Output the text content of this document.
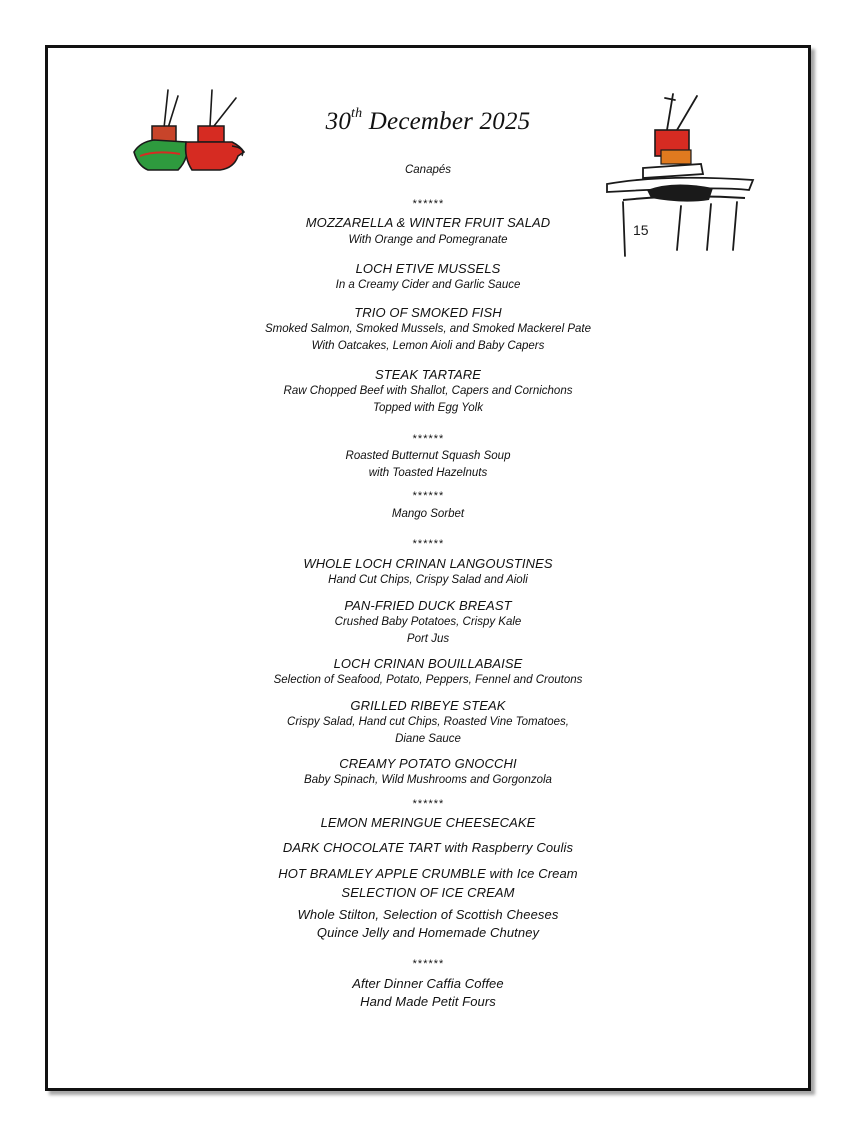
15
30th December 2025
Canapés
******
MOZZARELLA & WINTER FRUIT SALAD
With Orange and Pomegranate
LOCH ETIVE MUSSELS
In a Creamy Cider and Garlic Sauce
TRIO OF SMOKED FISH
Smoked Salmon, Smoked Mussels, and Smoked Mackerel Pate
With Oatcakes, Lemon Aioli and Baby Capers
STEAK TARTARE
Raw Chopped Beef with Shallot, Capers and Cornichons
Topped with Egg Yolk
******
Roasted Butternut Squash Soup
with Toasted Hazelnuts
******
Mango Sorbet
******
WHOLE LOCH CRINAN LANGOUSTINES
Hand Cut Chips, Crispy Salad and Aioli
PAN-FRIED DUCK BREAST
Crushed Baby Potatoes, Crispy Kale
Port Jus
LOCH CRINAN BOUILLABAISE
Selection of Seafood, Potato, Peppers, Fennel and Croutons
GRILLED RIBEYE STEAK
Crispy Salad, Hand cut Chips, Roasted Vine Tomatoes,
Diane Sauce
CREAMY POTATO GNOCCHI
Baby Spinach, Wild Mushrooms and Gorgonzola
******
LEMON MERINGUE CHEESECAKE
DARK CHOCOLATE TART with Raspberry Coulis
HOT BRAMLEY APPLE CRUMBLE with Ice Cream
SELECTION OF ICE CREAM
Whole Stilton, Selection of Scottish Cheeses
Quince Jelly and Homemade Chutney
******
After Dinner Caffia Coffee
Hand Made Petit Fours
